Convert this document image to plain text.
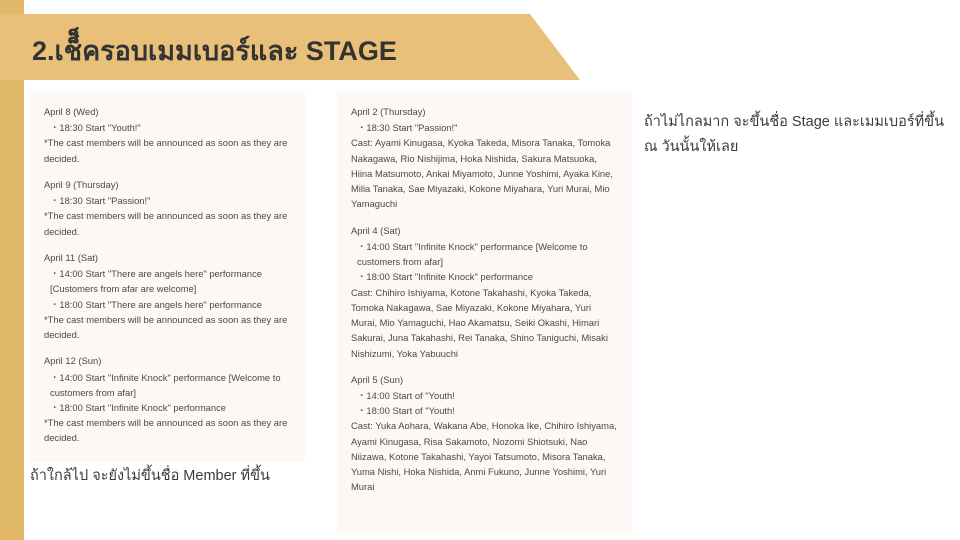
2.เช็็ครอบเมมเบอร์และ STAGE
April 8 (Wed)
・18:30 Start "Youth!"
*The cast members will be announced as soon as they are decided.
April 9 (Thursday)
・18:30 Start "Passion!"
*The cast members will be announced as soon as they are decided.
April 11 (Sat)
・14:00 Start "There are angels here" performance [Customers from afar are welcome]
・18:00 Start "There are angels here" performance
*The cast members will be announced as soon as they are decided.
April 12 (Sun)
・14:00 Start "Infinite Knock" performance [Welcome to customers from afar]
・18:00 Start "Infinite Knock" performance
*The cast members will be announced as soon as they are decided.
April 2 (Thursday)
・18:30 Start "Passion!"
Cast: Ayami Kinugasa, Kyoka Takeda, Misora Tanaka, Tomoka Nakagawa, Rio Nishijima, Hoka Nishida, Sakura Matsuoka, Hiina Matsumoto, Ankai Miyamoto, Junne Yoshimi, Ayaka Kine, Milia Tanaka, Sae Miyazaki, Kokone Miyahara, Yuri Murai, Mio Yamaguchi
April 4 (Sat)
・14:00 Start "Infinite Knock" performance [Welcome to customers from afar]
・18:00 Start "Infinite Knock" performance
Cast: Chihiro Ishiyama, Kotone Takahashi, Kyoka Takeda, Tomoka Nakagawa, Sae Miyazaki, Kokone Miyahara, Yuri Murai, Mio Yamaguchi, Hao Akamatsu, Seiki Okashi, Himari Sakurai, Juna Takahashi, Rei Tanaka, Shino Taniguchi, Misaki Nishizumi, Yoka Yabuuchi
April 5 (Sun)
・14:00 Start of "Youth!
・18:00 Start of "Youth!
Cast: Yuka Aohara, Wakana Abe, Honoka Ike, Chihiro Ishiyama, Ayami Kinugasa, Risa Sakamoto, Nozomi Shiotsuki, Nao Niizawa, Kotone Takahashi, Yayoi Tatsumoto, Misora Tanaka, Yuma Nishi, Hoka Nishida, Anmi Fukuno, Junne Yoshimi, Yuri Murai
ถ้าไม่ไกลมาก จะขึ้นชื่อ Stage และเมมเบอร์ที่ขึ้น ณ วันนั้นให้เลย
ถ้าใกล้ไป จะยังไม่ขึ้นชื่อ Member ที่ขึ้น
